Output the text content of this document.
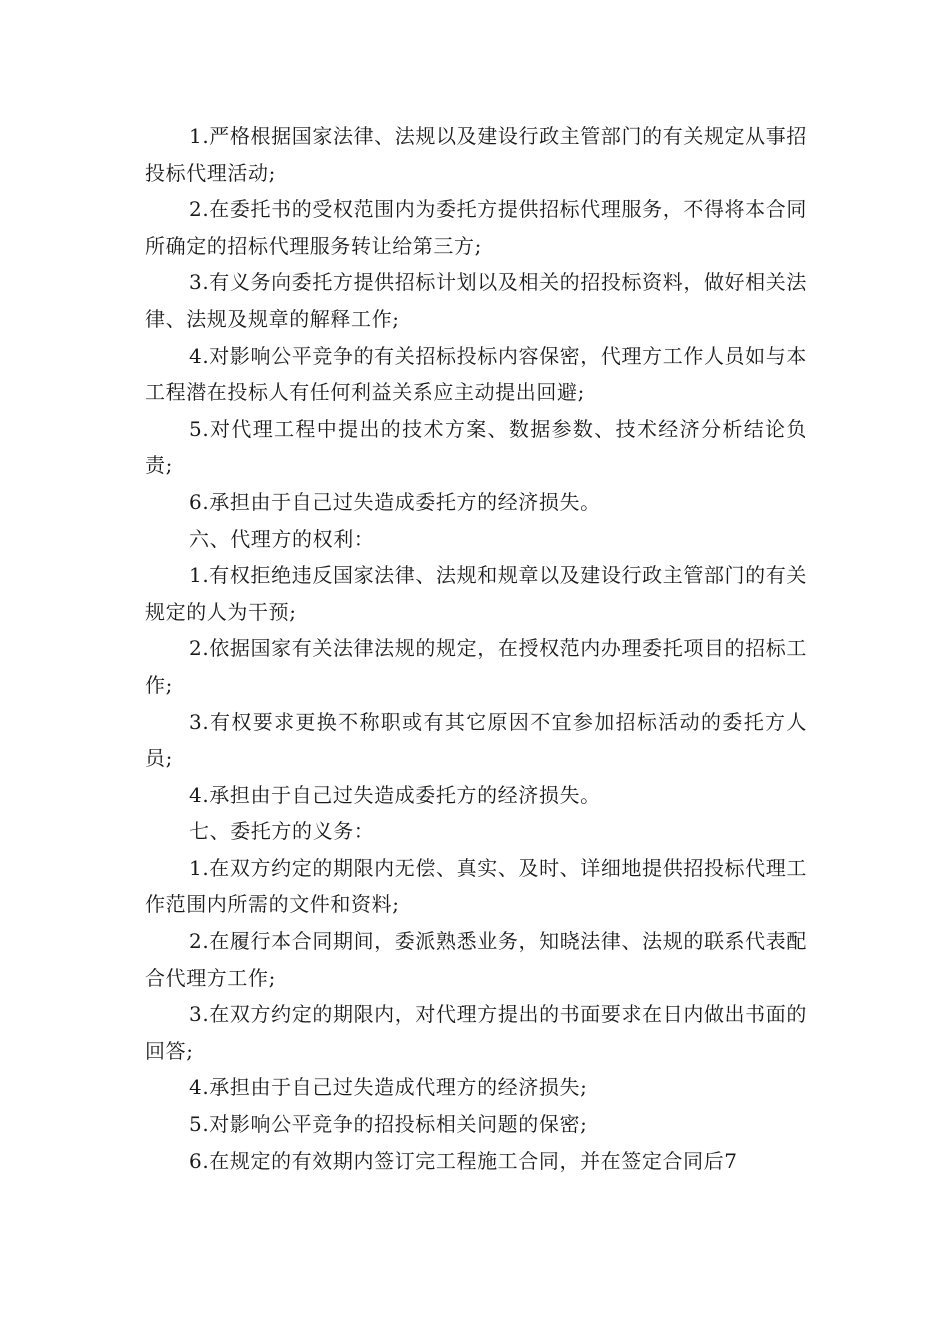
1.严格根据国家法律、法规以及建设行政主管部门的有关规定从事招投标代理活动;

2.在委托书的受权范围内为委托方提供招标代理服务，不得将本合同所确定的招标代理服务转让给第三方;

3.有义务向委托方提供招标计划以及相关的招投标资料，做好相关法律、法规及规章的解释工作;

4.对影响公平竞争的有关招标投标内容保密，代理方工作人员如与本工程潜在投标人有任何利益关系应主动提出回避;

5.对代理工程中提出的技术方案、数据参数、技术经济分析结论负责;

6.承担由于自己过失造成委托方的经济损失。

六、代理方的权利：

1.有权拒绝违反国家法律、法规和规章以及建设行政主管部门的有关规定的人为干预;

2.依据国家有关法律法规的规定，在授权范内办理委托项目的招标工作;

3.有权要求更换不称职或有其它原因不宜参加招标活动的委托方人员;

4.承担由于自己过失造成委托方的经济损失。

七、委托方的义务：

1.在双方约定的期限内无偿、真实、及时、详细地提供招投标代理工作范围内所需的文件和资料;

2.在履行本合同期间，委派熟悉业务，知晓法律、法规的联系代表配合代理方工作;

3.在双方约定的期限内，对代理方提出的书面要求在日内做出书面的回答;

4.承担由于自己过失造成代理方的经济损失;

5.对影响公平竞争的招投标相关问题的保密;

6.在规定的有效期内签订完工程施工合同，并在签定合同后7
